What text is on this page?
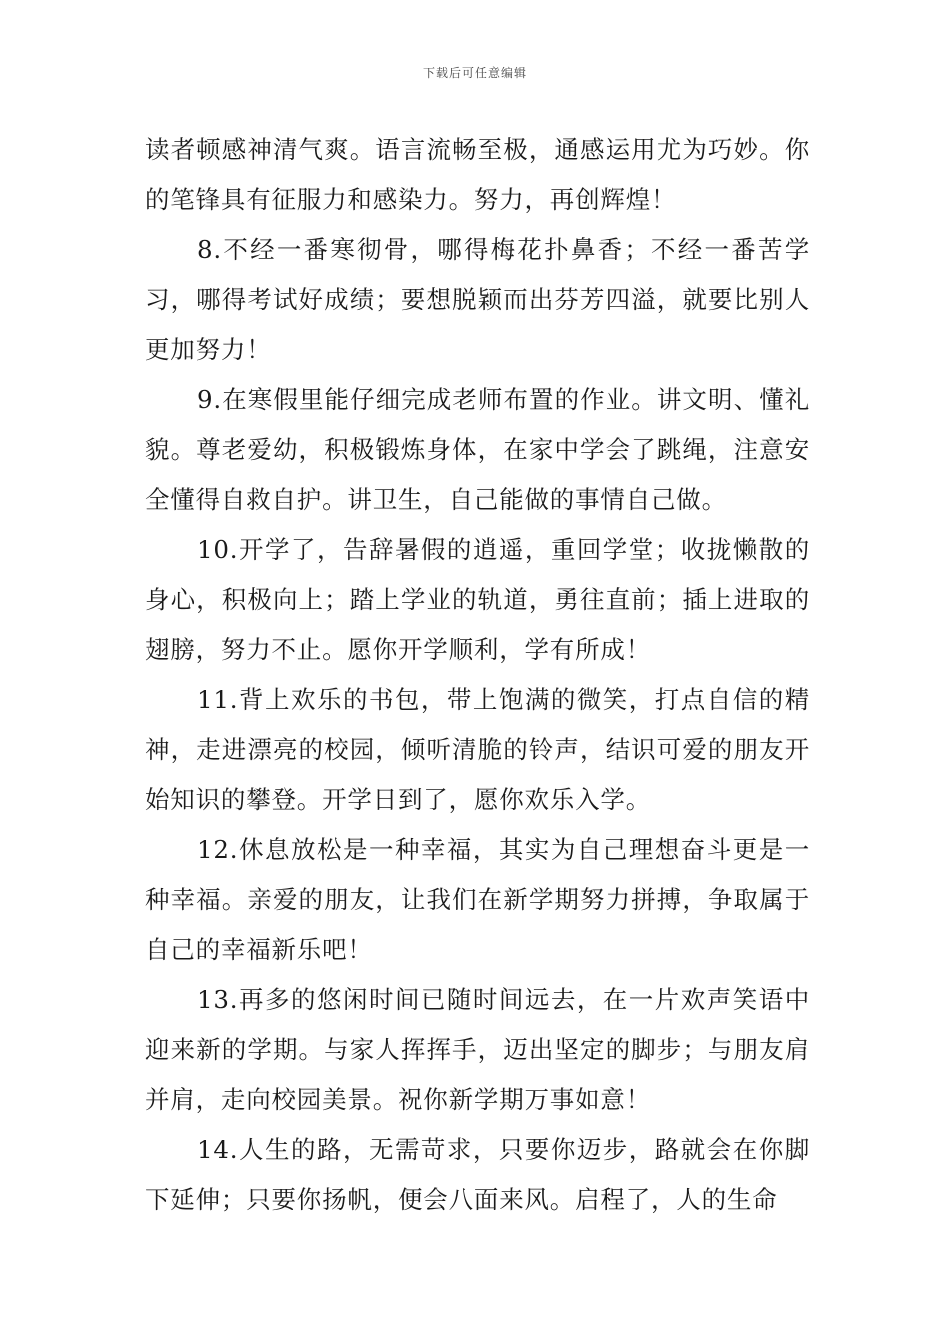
下载后可任意编辑

读者顿感神清气爽。语言流畅至极，通感运用尤为巧妙。你的笔锋具有征服力和感染力。努力，再创辉煌！

8.不经一番寒彻骨，哪得梅花扑鼻香；不经一番苦学习，哪得考试好成绩；要想脱颖而出芬芳四溢，就要比别人更加努力！

9.在寒假里能仔细完成老师布置的作业。讲文明、懂礼貌。尊老爱幼，积极锻炼身体，在家中学会了跳绳，注意安全懂得自救自护。讲卫生，自己能做的事情自己做。

10.开学了，告辞暑假的逍遥，重回学堂；收拢懒散的身心，积极向上；踏上学业的轨道，勇往直前；插上进取的翅膀，努力不止。愿你开学顺利，学有所成！

11.背上欢乐的书包，带上饱满的微笑，打点自信的精神，走进漂亮的校园，倾听清脆的铃声，结识可爱的朋友开始知识的攀登。开学日到了，愿你欢乐入学。

12.休息放松是一种幸福，其实为自己理想奋斗更是一种幸福。亲爱的朋友，让我们在新学期努力拼搏，争取属于自己的幸福新乐吧！

13.再多的悠闲时间已随时间远去，在一片欢声笑语中迎来新的学期。与家人挥挥手，迈出坚定的脚步；与朋友肩并肩，走向校园美景。祝你新学期万事如意！

14.人生的路，无需苛求，只要你迈步，路就会在你脚下延伸；只要你扬帆，便会八面来风。启程了，人的生命
